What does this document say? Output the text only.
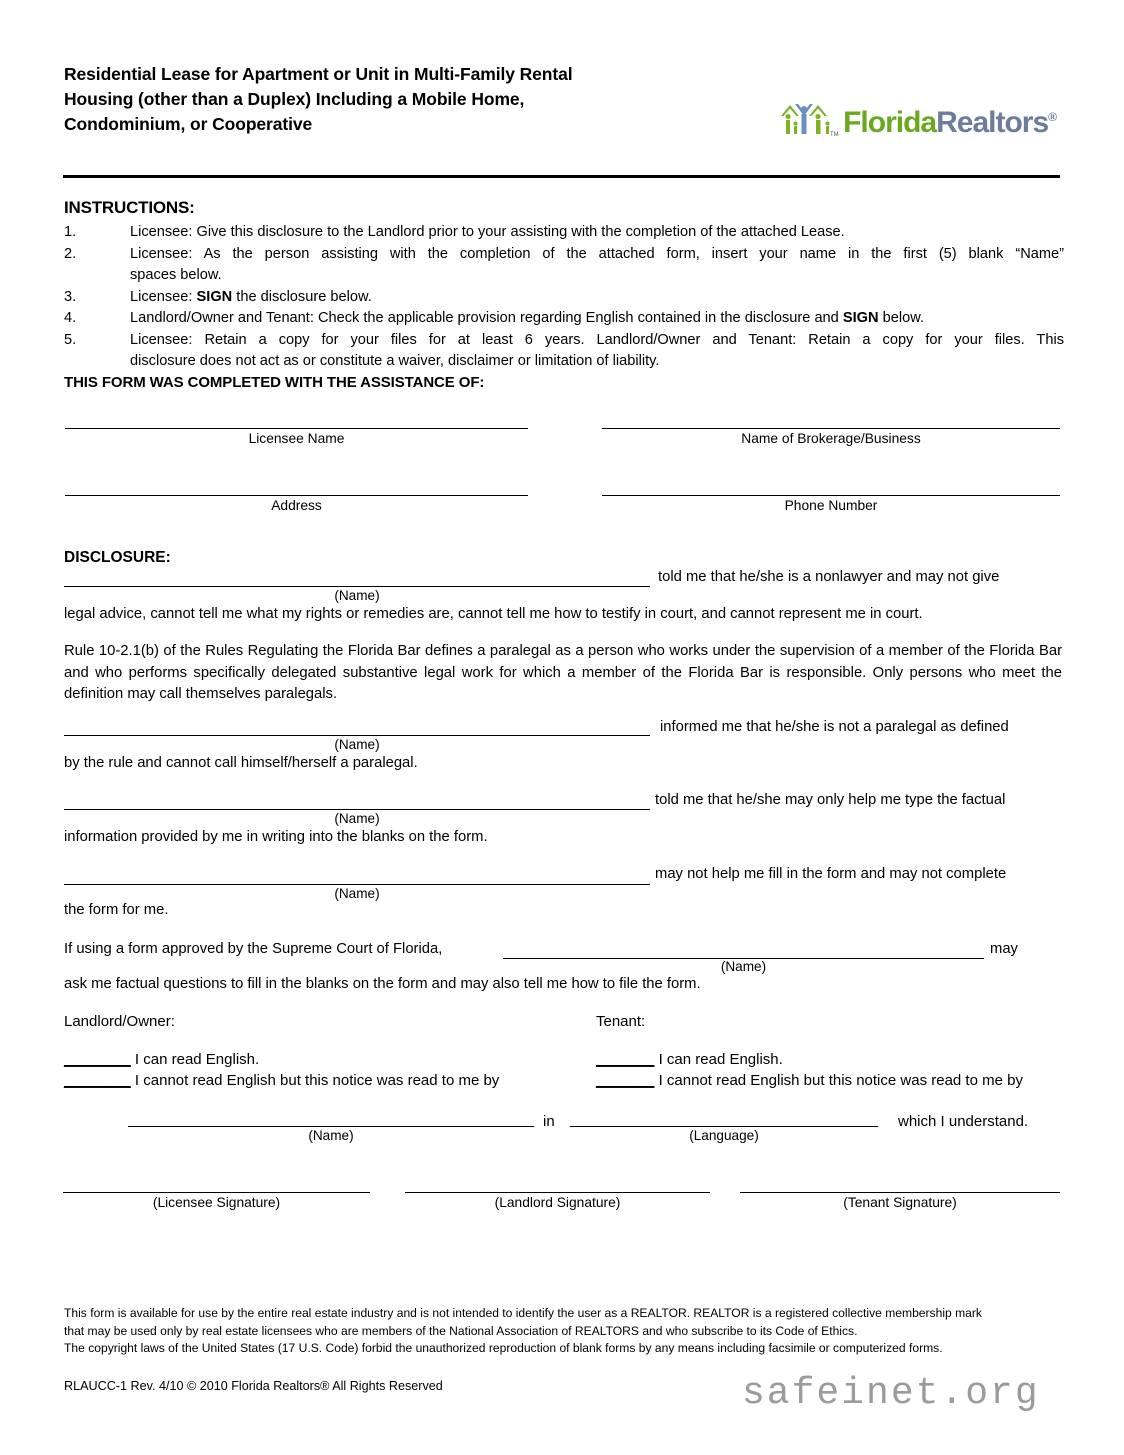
Residential Lease for Apartment or Unit in Multi-Family Rental
Housing (other than a Duplex) Including a Mobile Home,
Condominium, or Cooperative
TM FloridaRealtors®
INSTRUCTIONS:
1.	Licensee: Give this disclosure to the Landlord prior to your assisting with the completion of the attached Lease.
2.	Licensee: As the person assisting with the completion of the attached form, insert your name in the first (5) blank “Name”
spaces below.
3.	Licensee: SIGN the disclosure below.
4.	Landlord/Owner and Tenant: Check the applicable provision regarding English contained in the disclosure and SIGN below.
5.	Licensee: Retain a copy for your files for at least 6 years. Landlord/Owner and Tenant: Retain a copy for your files. This
disclosure does not act as or constitute a waiver, disclaimer or limitation of liability.
THIS FORM WAS COMPLETED WITH THE ASSISTANCE OF:
Licensee Name	Name of Brokerage/Business
Address	Phone Number
DISCLOSURE:
(Name)
told me that he/she is a nonlawyer and may not give
legal advice, cannot tell me what my rights or remedies are, cannot tell me how to testify in court, and cannot represent me in court.
Rule 10-2.1(b) of the Rules Regulating the Florida Bar defines a paralegal as a person who works under the supervision of a member of the Florida Bar and who performs specifically delegated substantive legal work for which a member of the Florida Bar is responsible. Only persons who meet the definition may call themselves paralegals.
(Name)
informed me that he/she is not a paralegal as defined
by the rule and cannot call himself/herself a paralegal.
(Name)
told me that he/she may only help me type the factual
information provided by me in writing into the blanks on the form.
(Name)
may not help me fill in the form and may not complete
the form for me.
If using a form approved by the Supreme Court of Florida,
(Name)
may
ask me factual questions to fill in the blanks on the form and may also tell me how to file the form.
Landlord/Owner:	Tenant:
________ I can read English.
________ I cannot read English but this notice was read to me by
_______ I can read English.
_______ I cannot read English but this notice was read to me by
(Name)
in
(Language)
which I understand.
(Licensee Signature)	(Landlord Signature)	(Tenant Signature)

This form is available for use by the entire real estate industry and is not intended to identify the user as a REALTOR. REALTOR is a registered collective membership mark

that may be used only by real estate licensees who are members of the National Association of REALTORS and who subscribe to its Code of Ethics.

The copyright laws of the United States (17 U.S. Code) forbid the unauthorized reproduction of blank forms by any means including facsimile or computerized forms.

RLAUCC-1 Rev. 4/10 © 2010 Florida Realtors® All Rights Reserved	safeinet.org
